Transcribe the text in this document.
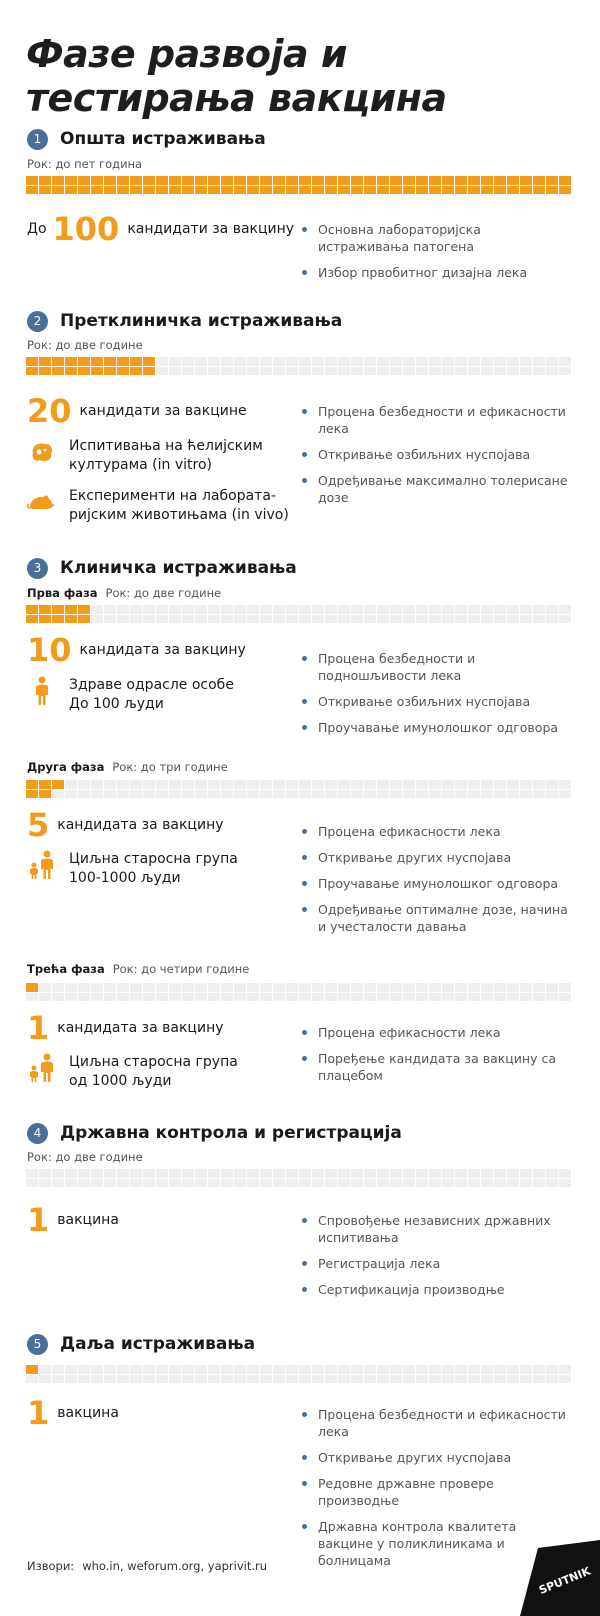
Фазе развоја и тестирања вакцина
1	Општа истраживања
Рок: до пет година
До 100 кандидати за вакцину	Основна лабораторијска истраживања патогена
Избор првобитног дизајна лека
2	Претклиничка истраживања
Рок: до две године
20 кандидати за вакцине
Испитивања на ћелијским културама (in vitro)
Експерименти на лабората-ријским животињама (in vivo)
Процена безбедности и ефикасности лека
Откривање озбиљних нуспојава
Одређивање максимално толерисане дозе
3	Клиничка истраживања
Прва фаза Рок: до две године
10 кандидата за вакцину
Здраве одрасле особе До 100 људи
Процена безбедности и подношљивости лека
Откривање озбиљних нуспојава
Проучавање имунолошког одговора
Друга фаза Рок: до три године
5 кандидата за вакцину
Циљна старосна група 100-1000 људи
Процена ефикасности лека
Откривање других нуспојава
Проучавање имунолошког одговора
Одређивање оптималне дозе, начина и учесталости давања
Трећа фаза Рок: до четири године
1 кандидата за вакцину
Циљна старосна група од 1000 људи
Процена ефикасности лека
Поређење кандидата за вакцину са плацебом
4	Државна контрола и регистрација
Рок: до две године
1 вакцина	Спровођење независних државних испитивања
Регистрација лека
Сертификација производње
5	Даља истраживања
1 вакцина	Процена безбедности и ефикасности лека
Откривање других нуспојава
Редовне државне провере производње
Државна контрола квалитета вакцине у поликлиникама и болницама
Извори: who.in, weforum.org, yaprivit.ru	SPUTNIK
